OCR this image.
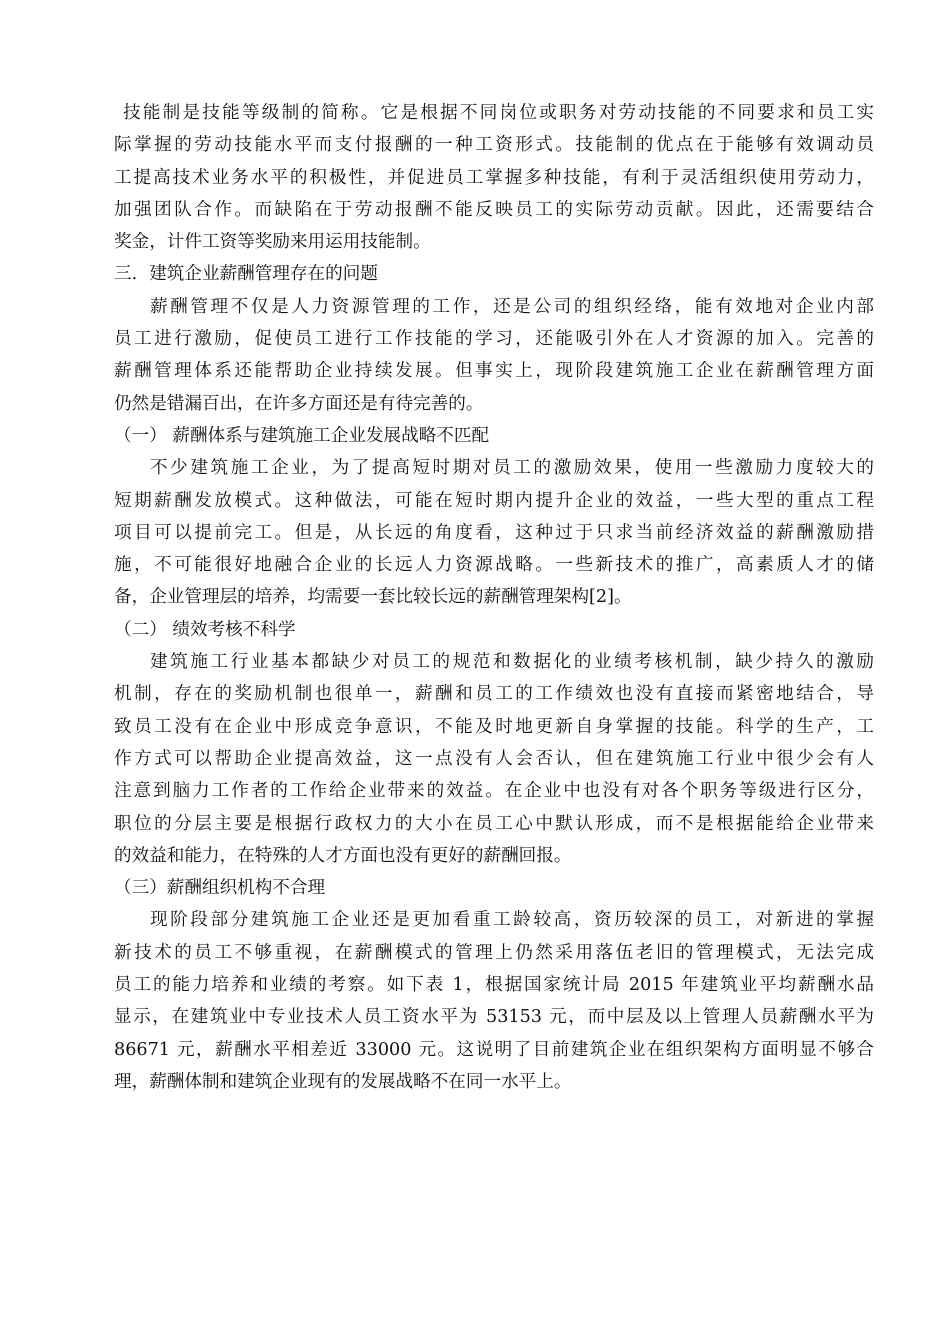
技能制是技能等级制的简称。它是根据不同岗位或职务对劳动技能的不同要求和员工实
际掌握的劳动技能水平而支付报酬的一种工资形式。技能制的优点在于能够有效调动员
工提高技术业务水平的积极性，并促进员工掌握多种技能，有利于灵活组织使用劳动力，
加强团队合作。而缺陷在于劳动报酬不能反映员工的实际劳动贡献。因此，还需要结合
奖金，计件工资等奖励来用运用技能制。
三．建筑企业薪酬管理存在的问题
薪酬管理不仅是人力资源管理的工作，还是公司的组织经络，能有效地对企业内部
员工进行激励，促使员工进行工作技能的学习，还能吸引外在人才资源的加入。完善的
薪酬管理体系还能帮助企业持续发展。但事实上，现阶段建筑施工企业在薪酬管理方面
仍然是错漏百出，在许多方面还是有待完善的。
（一） 薪酬体系与建筑施工企业发展战略不匹配
不少建筑施工企业，为了提高短时期对员工的激励效果，使用一些激励力度较大的
短期薪酬发放模式。这种做法，可能在短时期内提升企业的效益，一些大型的重点工程
项目可以提前完工。但是，从长远的角度看，这种过于只求当前经济效益的薪酬激励措
施，不可能很好地融合企业的长远人力资源战略。一些新技术的推广，高素质人才的储
备，企业管理层的培养，均需要一套比较长远的薪酬管理架构[2]。
（二） 绩效考核不科学
建筑施工行业基本都缺少对员工的规范和数据化的业绩考核机制，缺少持久的激励
机制，存在的奖励机制也很单一，薪酬和员工的工作绩效也没有直接而紧密地结合，导
致员工没有在企业中形成竞争意识，不能及时地更新自身掌握的技能。科学的生产，工
作方式可以帮助企业提高效益，这一点没有人会否认，但在建筑施工行业中很少会有人
注意到脑力工作者的工作给企业带来的效益。在企业中也没有对各个职务等级进行区分，
职位的分层主要是根据行政权力的大小在员工心中默认形成，而不是根据能给企业带来
的效益和能力，在特殊的人才方面也没有更好的薪酬回报。
（三）薪酬组织机构不合理
现阶段部分建筑施工企业还是更加看重工龄较高，资历较深的员工，对新进的掌握
新技术的员工不够重视，在薪酬模式的管理上仍然采用落伍老旧的管理模式，无法完成
员工的能力培养和业绩的考察。如下表 1，根据国家统计局 2015 年建筑业平均薪酬水品
显示，在建筑业中专业技术人员工资水平为 53153 元，而中层及以上管理人员薪酬水平为
86671 元，薪酬水平相差近 33000 元。这说明了目前建筑企业在组织架构方面明显不够合
理，薪酬体制和建筑企业现有的发展战略不在同一水平上。
